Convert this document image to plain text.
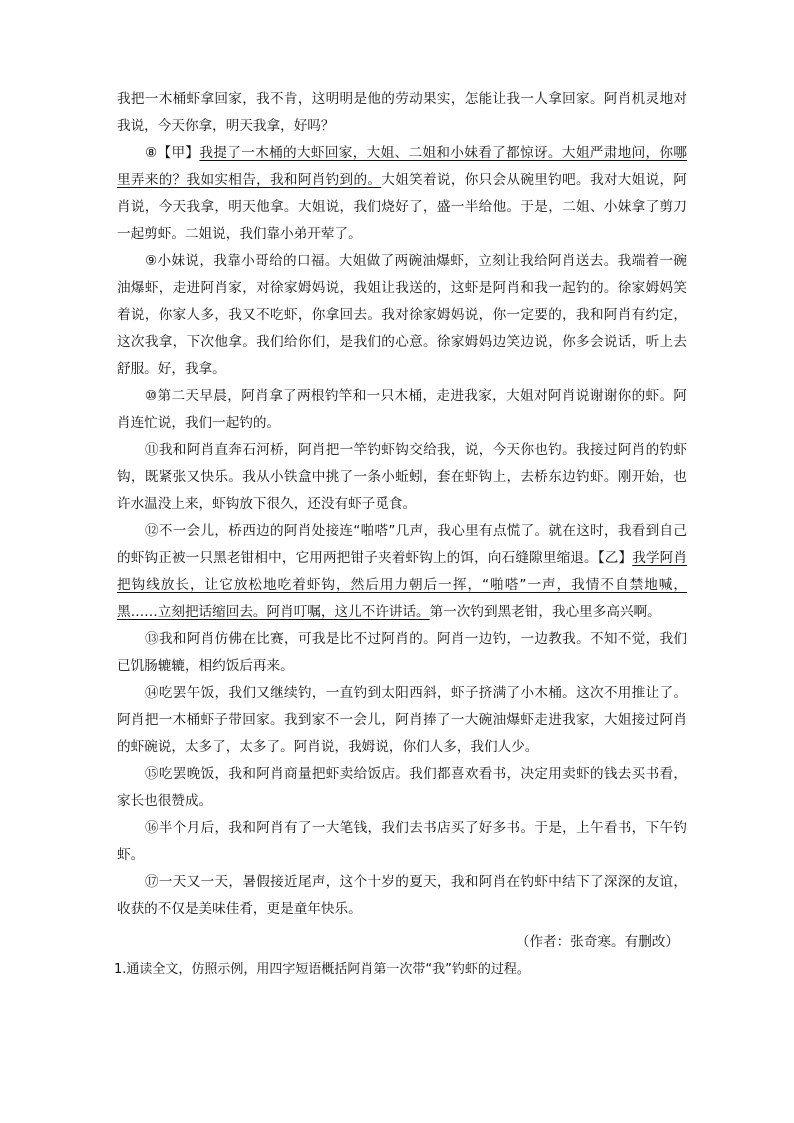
我把一木桶虾拿回家，我不肯，这明明是他的劳动果实，怎能让我一人拿回家。阿肖机灵地对我说，今天你拿，明天我拿，好吗？

⑧【甲】我提了一木桶的大虾回家，大姐、二姐和小妹看了都惊讶。大姐严肃地问，你哪里弄来的？我如实相告，我和阿肖钓到的。大姐笑着说，你只会从碗里钓吧。我对大姐说，阿肖说，今天我拿，明天他拿。大姐说，我们烧好了，盛一半给他。于是，二姐、小妹拿了剪刀一起剪虾。二姐说，我们靠小弟开荤了。

⑨小妹说，我靠小哥给的口福。大姐做了两碗油爆虾，立刻让我给阿肖送去。我端着一碗油爆虾，走进阿肖家，对徐家姆妈说，我姐让我送的，这虾是阿肖和我一起钓的。徐家姆妈笑着说，你家人多，我又不吃虾，你拿回去。我对徐家姆妈说，你一定要的，我和阿肖有约定，这次我拿，下次他拿。我们给你们，是我们的心意。徐家姆妈边笑边说，你多会说话，听上去舒服。好，我拿。

⑩第二天早晨，阿肖拿了两根钓竿和一只木桶，走进我家，大姐对阿肖说谢谢你的虾。阿肖连忙说，我们一起钓的。

⑪我和阿肖直奔石河桥，阿肖把一竿钓虾钩交给我，说，今天你也钓。我接过阿肖的钓虾钩，既紧张又快乐。我从小铁盒中挑了一条小蚯蚓，套在虾钩上，去桥东边钓虾。刚开始，也许水温没上来，虾钩放下很久，还没有虾子觅食。

⑫不一会儿，桥西边的阿肖处接连“啪嗒”几声，我心里有点慌了。就在这时，我看到自己的虾钩正被一只黑老钳相中，它用两把钳子夹着虾钩上的饵，向石缝隙里缩退。【乙】我学阿肖把钩线放长，让它放松地吃着虾钩，然后用力朝后一挥，“啪嗒”一声，我情不自禁地喊，黑……立刻把话缩回去。阿肖叮嘱，这儿不许讲话。第一次钓到黑老钳，我心里多高兴啊。

⑬我和阿肖仿佛在比赛，可我是比不过阿肖的。阿肖一边钓，一边教我。不知不觉，我们已饥肠辘辘，相约饭后再来。

⑭吃罢午饭，我们又继续钓，一直钓到太阳西斜，虾子挤满了小木桶。这次不用推让了。阿肖把一木桶虾子带回家。我到家不一会儿，阿肖捧了一大碗油爆虾走进我家，大姐接过阿肖的虾碗说，太多了，太多了。阿肖说，我姆说，你们人多，我们人少。

⑮吃罢晚饭，我和阿肖商量把虾卖给饭店。我们都喜欢看书，决定用卖虾的钱去买书看，家长也很赞成。

⑯半个月后，我和阿肖有了一大笔钱，我们去书店买了好多书。于是，上午看书，下午钓虾。

⑰一天又一天，暑假接近尾声，这个十岁的夏天，我和阿肖在钓虾中结下了深深的友谊，收获的不仅是美味佳肴，更是童年快乐。

（作者：张奇寒。有删改）

1.通读全文，仿照示例，用四字短语概括阿肖第一次带“我”钓虾的过程。
